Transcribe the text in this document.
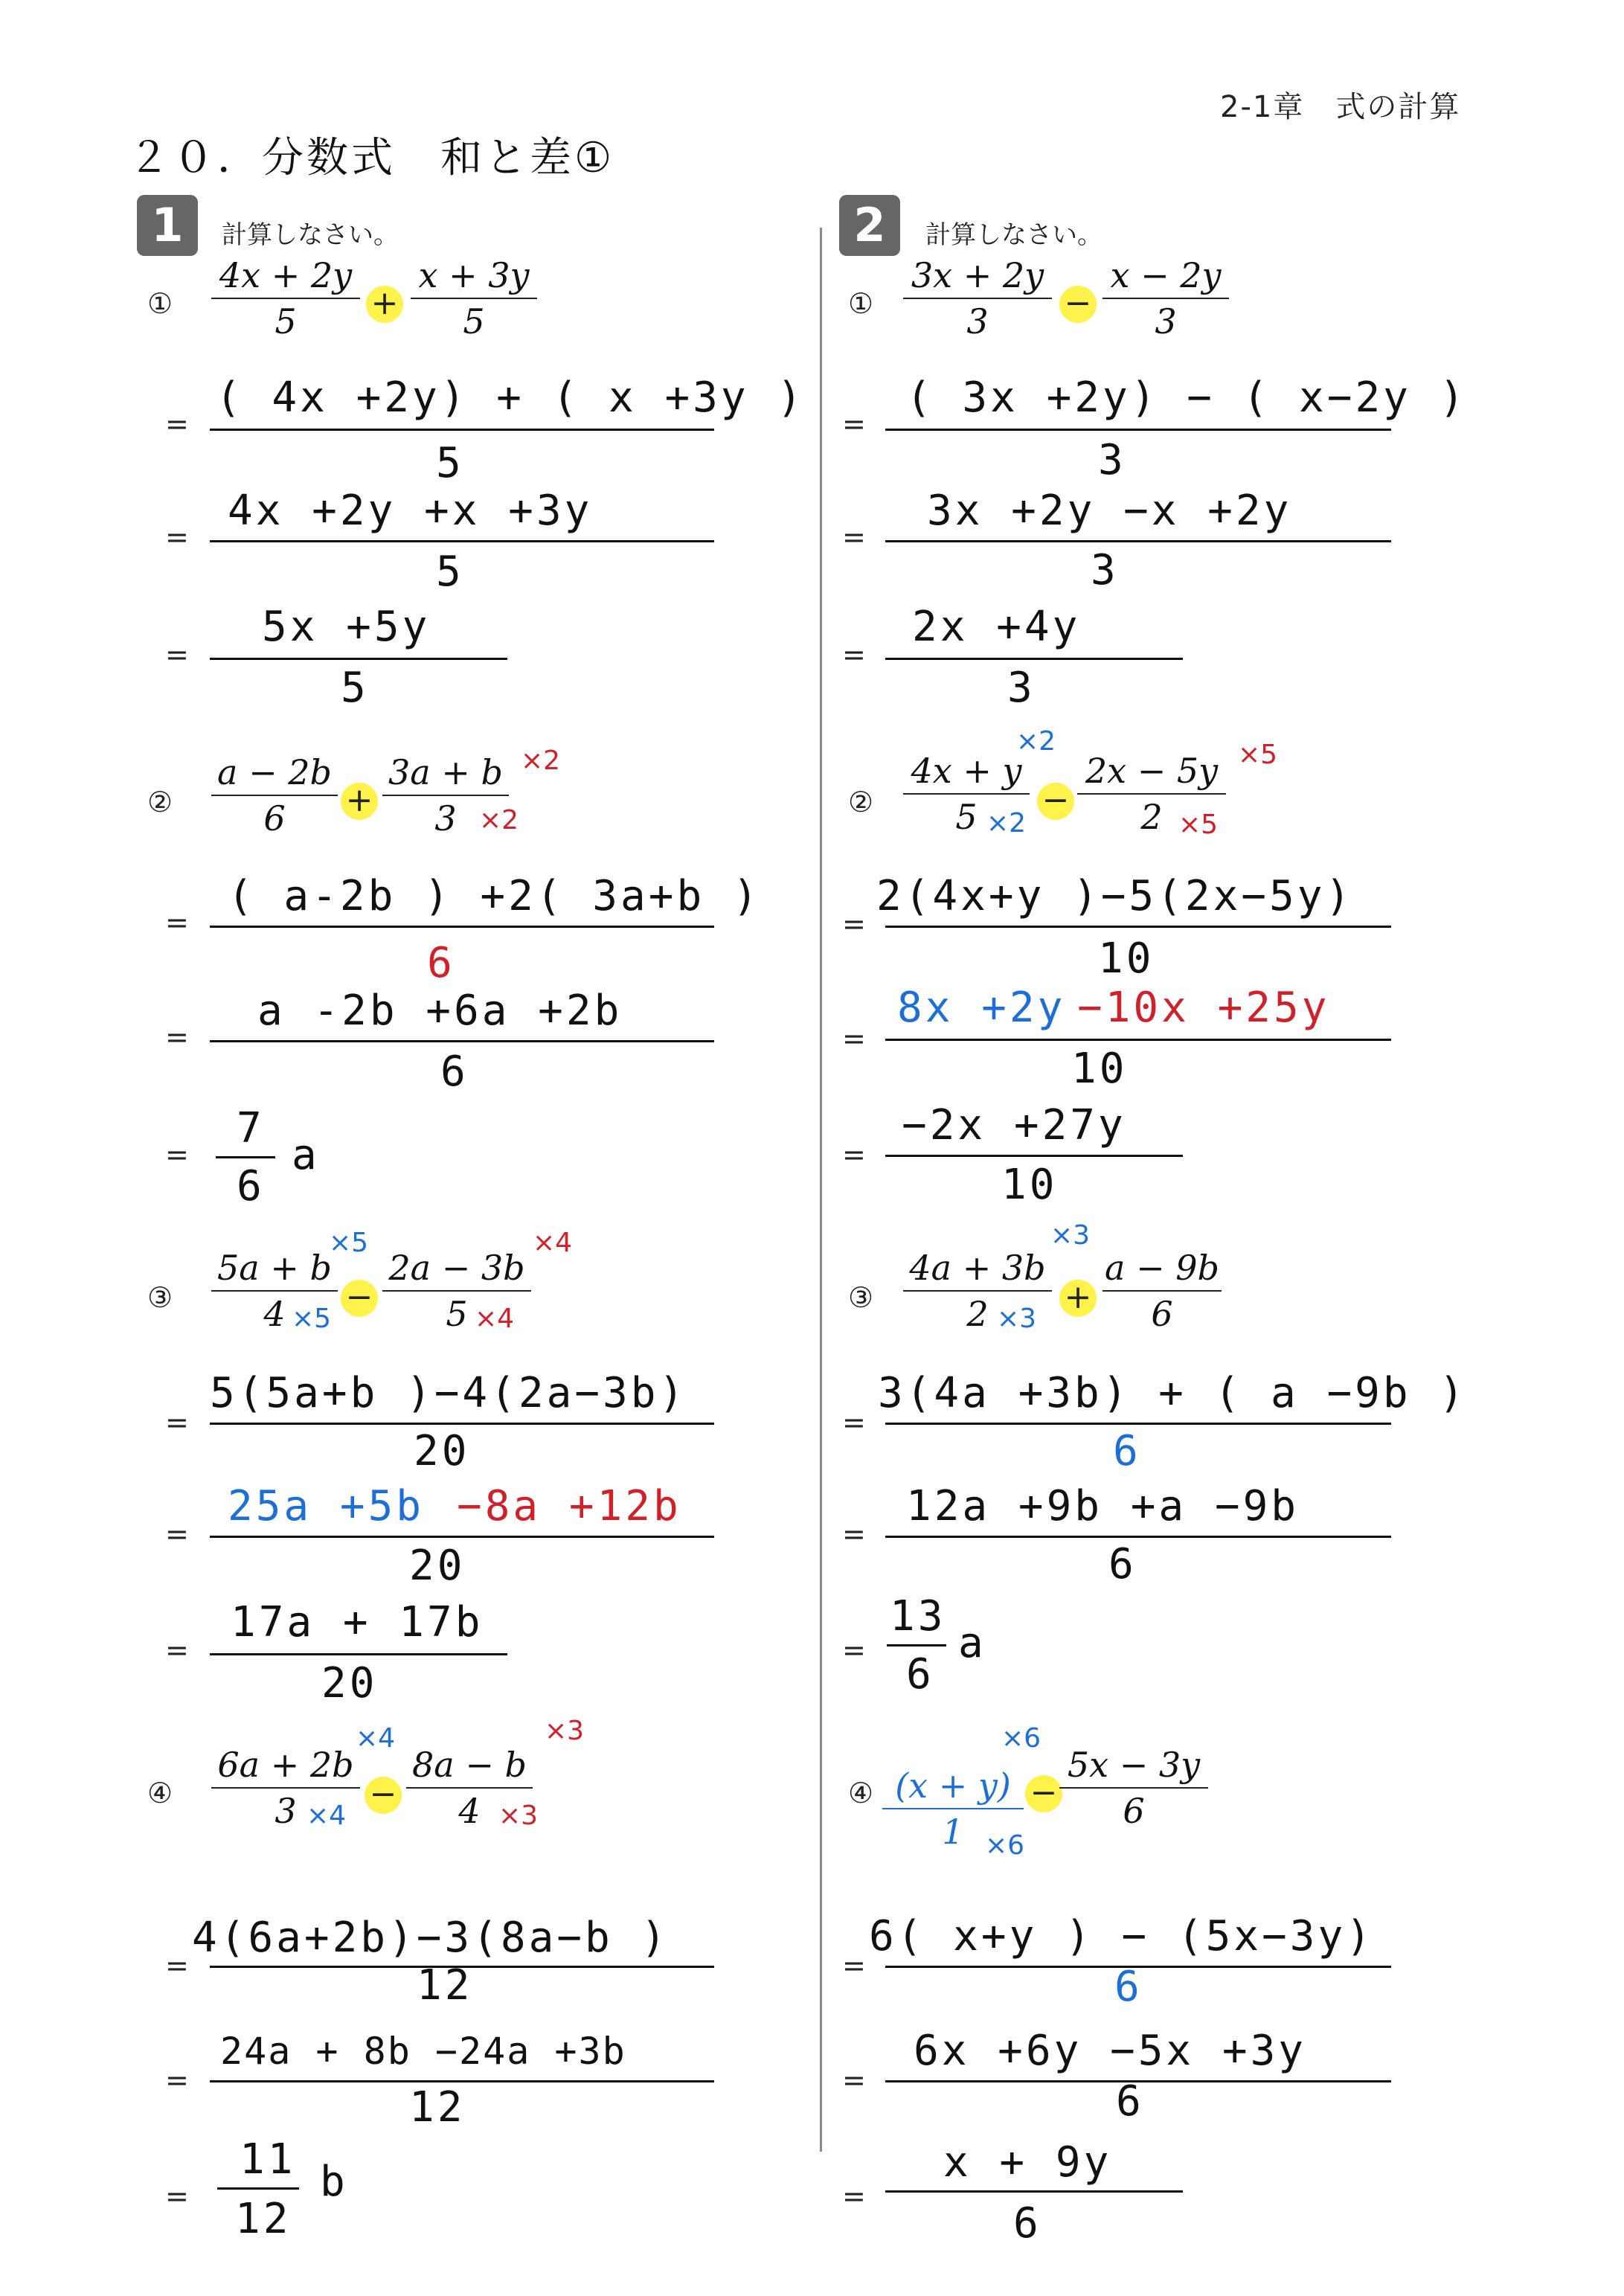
2-1章　式の計算
２０．分数式　和と差①
1	計算しなさい。	2	計算しなさい。
①
4x + 2y
5	+
x + 3y
5
=
( 4x +2y) + ( x +3y )
5
=
4x +2y +x +3y
5
=
5x +5y
5
②
a − 2b
6	+
3a + b
3
×2
×2
=
( a-2b ) +2( 3a+b )
6
=
a -2b +6a +2b
6
=
7
6
a
③
5a + b
4
×5
×5
−
2a − 3b
5
×4
×4
=
5(5a+b )−4(2a−3b)
20
=
25a +5b −8a +12b
20
=
17a + 17b
20
④
6a + 2b
3
×4
×4
−
8a − b
4
×3
×3
=
4(6a+2b)−3(8a−b )
12
=
24a + 8b −24a +3b
12
=
11
12
b
①
3x + 2y
3	−
x − 2y
3
=
( 3x +2y) − ( x−2y )
3
=
3x +2y −x +2y
3
=
2x +4y
3
②
4x + y
5
×2
×2
−
2x − 5y
2
×5
×5
=
2(4x+y )−5(2x−5y)
10
=
8x +2y −10x +25y
10
=
−2x +27y
10
③
4a + 3b
2
×3
×3
+
a − 9b
6
=
3(4a +3b) + ( a −9b )
6
=
12a +9b +a −9b
6
=
13
6
a
④ (x + y)
1
×6
×6
−
5x − 3y
6
=
6( x+y ) − (5x−3y)
6
=
6x +6y −5x +3y
6
=
x + 9y
6
